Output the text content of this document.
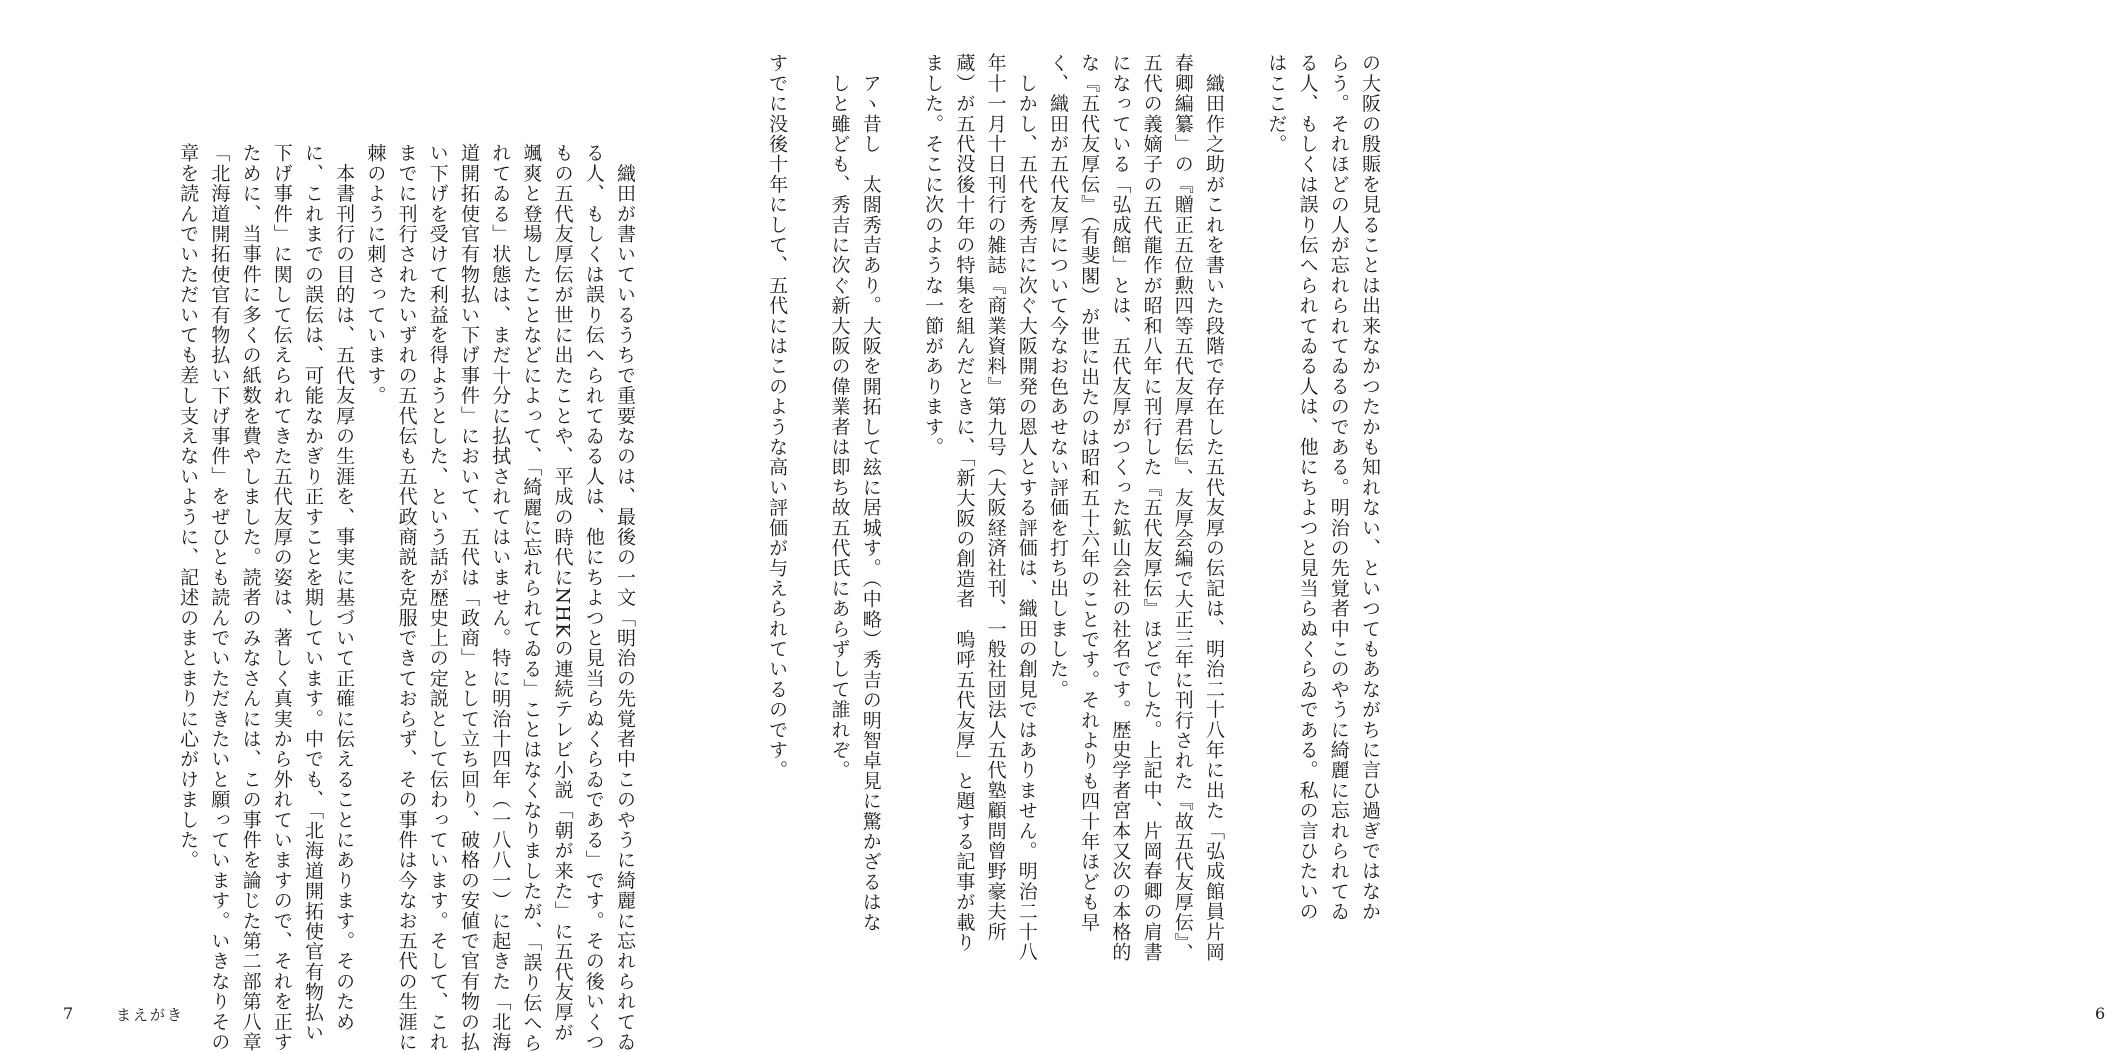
　織田が書いているうちで重要なのは、最後の一文「明治の先覚者中このやうに綺麗に忘れられてゐ

る人、もしくは誤り伝へられてゐる人は、他にちよつと見当らぬくらゐである」です。その後いくつ

もの五代友厚伝が世に出たことや、平成の時代にNHKの連続テレビ小説「朝が来た」に五代友厚が

颯爽と登場したことなどによって、「綺麗に忘れられてゐる」ことはなくなりましたが、「誤り伝へら

れてゐる」状態は、まだ十分に払拭されてはいません。特に明治十四年（一八八一）に起きた「北海

道開拓使官有物払い下げ事件」において、五代は「政商」として立ち回り、破格の安値で官有物の払

い下げを受けて利益を得ようとした、という話が歴史上の定説として伝わっています。そして、これ

までに刊行されたいずれの五代伝も五代政商説を克服できておらず、その事件は今なお五代の生涯に

棘のように刺さっています。

　本書刊行の目的は、五代友厚の生涯を、事実に基づいて正確に伝えることにあります。そのため

に、これまでの誤伝は、可能なかぎり正すことを期しています。中でも、「北海道開拓使官有物払い

下げ事件」に関して伝えられてきた五代友厚の姿は、著しく真実から外れていますので、それを正す

ために、当事件に多くの紙数を費やしました。読者のみなさんには、この事件を論じた第二部第八章

「北海道開拓使官有物払い下げ事件」をぜひとも読んでいただきたいと願っています。いきなりその

章を読んでいただいても差し支えないように、記述のまとまりに心がけました。

7	まえがき

の大阪の殷賑を見ることは出来なかつたかも知れない、といつてもあながちに言ひ過ぎではなか

らう。それほどの人が忘れられてゐるのである。明治の先覚者中このやうに綺麗に忘れられてゐ

る人、もしくは誤り伝へられてゐる人は、他にちよつと見当らぬくらゐである。私の言ひたいの

はここだ。

　織田作之助がこれを書いた段階で存在した五代友厚の伝記は、明治二十八年に出た「弘成館員片岡

春卿編纂」の『贈正五位勲四等五代友厚君伝』、友厚会編で大正三年に刊行された『故五代友厚伝』、

五代の義嫡子の五代龍作が昭和八年に刊行した『五代友厚伝』ほどでした。上記中、片岡春卿の肩書

になっている「弘成館」とは、五代友厚がつくった鉱山会社の社名です。歴史学者宮本又次の本格的

な『五代友厚伝』（有斐閣）が世に出たのは昭和五十六年のことです。それよりも四十年ほども早

く、織田が五代友厚について今なお色あせない評価を打ち出しました。

　しかし、五代を秀吉に次ぐ大阪開発の恩人とする評価は、織田の創見ではありません。明治二十八

年十一月十日刊行の雑誌『商業資料』第九号（大阪経済社刊、一般社団法人五代塾顧問曾野豪夫所

蔵）が五代没後十年の特集を組んだときに、「新大阪の創造者　嗚呼五代友厚」と題する記事が載り

ました。そこに次のような一節があります。

　アヽ昔し　太閤秀吉あり。大阪を開拓して玆に居城す。（中略）秀吉の明智卓見に驚かざるはな

　しと雖ども、秀吉に次ぐ新大阪の偉業者は即ち故五代氏にあらずして誰れぞ。

すでに没後十年にして、五代にはこのような高い評価が与えられているのです。

6
